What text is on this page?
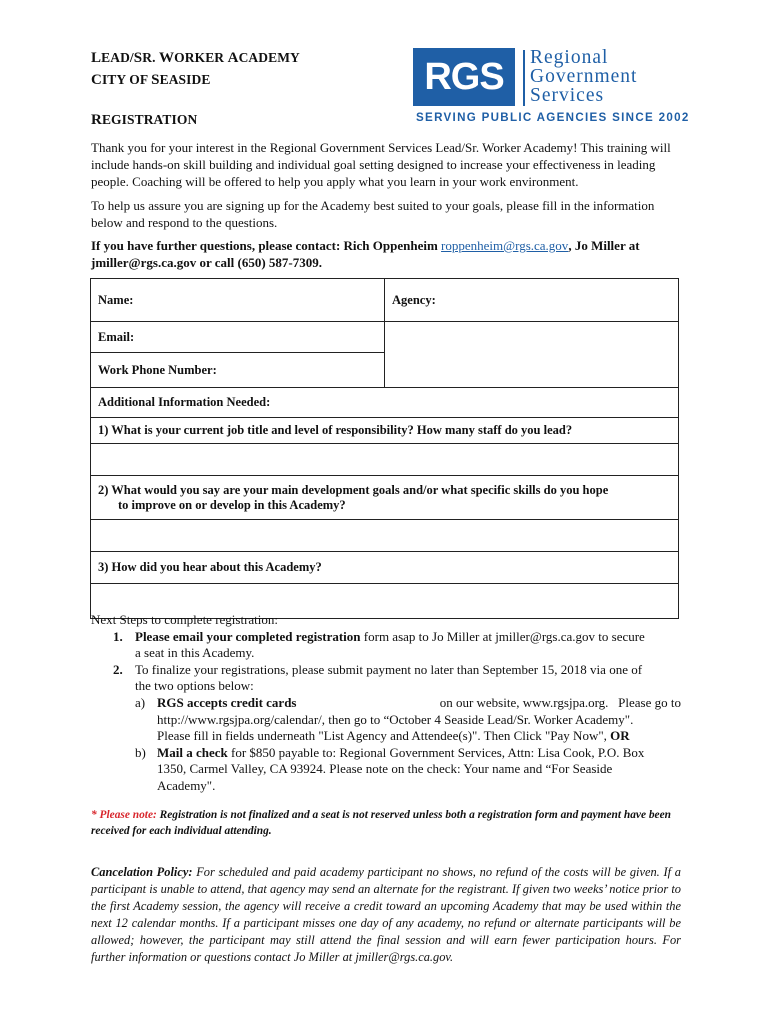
LEAD/SR. WORKER ACADEMY
CITY OF SEASIDE
REGISTRATION
RGS	Regional
Government
Services
SERVING PUBLIC AGENCIES SINCE 2002
Thank you for your interest in the Regional Government Services Lead/Sr. Worker Academy! This training will include hands-on skill building and individual goal setting designed to increase your effectiveness in leading people. Coaching will be offered to help you apply what you learn in your work environment.
To help us assure you are signing up for the Academy best suited to your goals, please fill in the information below and respond to the questions.
If you have further questions, please contact: Rich Oppenheim roppenheim@rgs.ca.gov, Jo Miller at jmiller@rgs.ca.gov or call (650) 587-7309.
Name:	Agency:
Email:	
Work Phone Number:	
Additional Information Needed:	
1) What is your current job title and level of responsibility? How many staff do you lead?	

2) What would you say are your main development goals and/or what specific skills do you hope
to improve on or develop in this Academy?	

3) How did you hear about this Academy?	

Next Steps to complete registration:
1. Please email your completed registration form asap to Jo Miller at jmiller@rgs.ca.gov to secure
a seat in this Academy.
2. To finalize your registrations, please submit payment no later than September 15, 2018 via one of
the two options below:
a) RGS accepts credit cards	on our website, www.rgsjpa.org.   Please go to
http://www.rgsjpa.org/calendar/, then go to “October 4 Seaside Lead/Sr. Worker Academy".
Please fill in fields underneath "List Agency and Attendee(s)". Then Click "Pay Now", OR
b) Mail a check for $850 payable to: Regional Government Services, Attn: Lisa Cook, P.O. Box
1350, Carmel Valley, CA 93924. Please note on the check: Your name and “For Seaside
Academy".
* Please note: Registration is not finalized and a seat is not reserved unless both a registration form and payment have been received for each individual attending.
Cancelation Policy: For scheduled and paid academy participant no shows, no refund of the costs will be given. If a participant is unable to attend, that agency may send an alternate for the registrant. If given two weeks’ notice prior to the first Academy session, the agency will receive a credit toward an upcoming Academy that may be used within the next 12 calendar months. If a participant misses one day of any academy, no refund or alternate participants will be allowed; however, the participant may still attend the final session and will earn fewer participation hours. For further information or questions contact Jo Miller at jmiller@rgs.ca.gov.
